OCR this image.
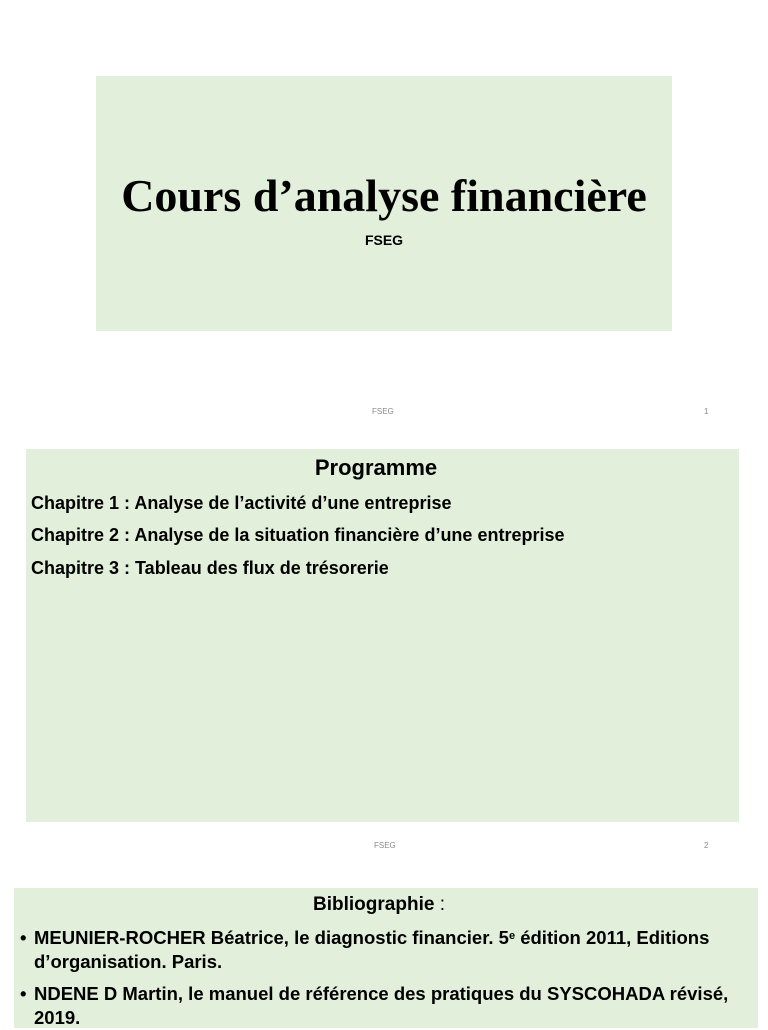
Cours d’analyse financière
FSEG
FSEG	1
Programme
Chapitre 1 : Analyse de l’activité d’une entreprise
Chapitre 2 : Analyse de la situation financière d’une entreprise
Chapitre 3 : Tableau des flux de trésorerie
FSEG	2
Bibliographie :
• MEUNIER-ROCHER Béatrice, le diagnostic financier. 5e édition 2011, Editions d’organisation. Paris.
• NDENE D Martin, le manuel de référence des pratiques du SYSCOHADA révisé, 2019.
